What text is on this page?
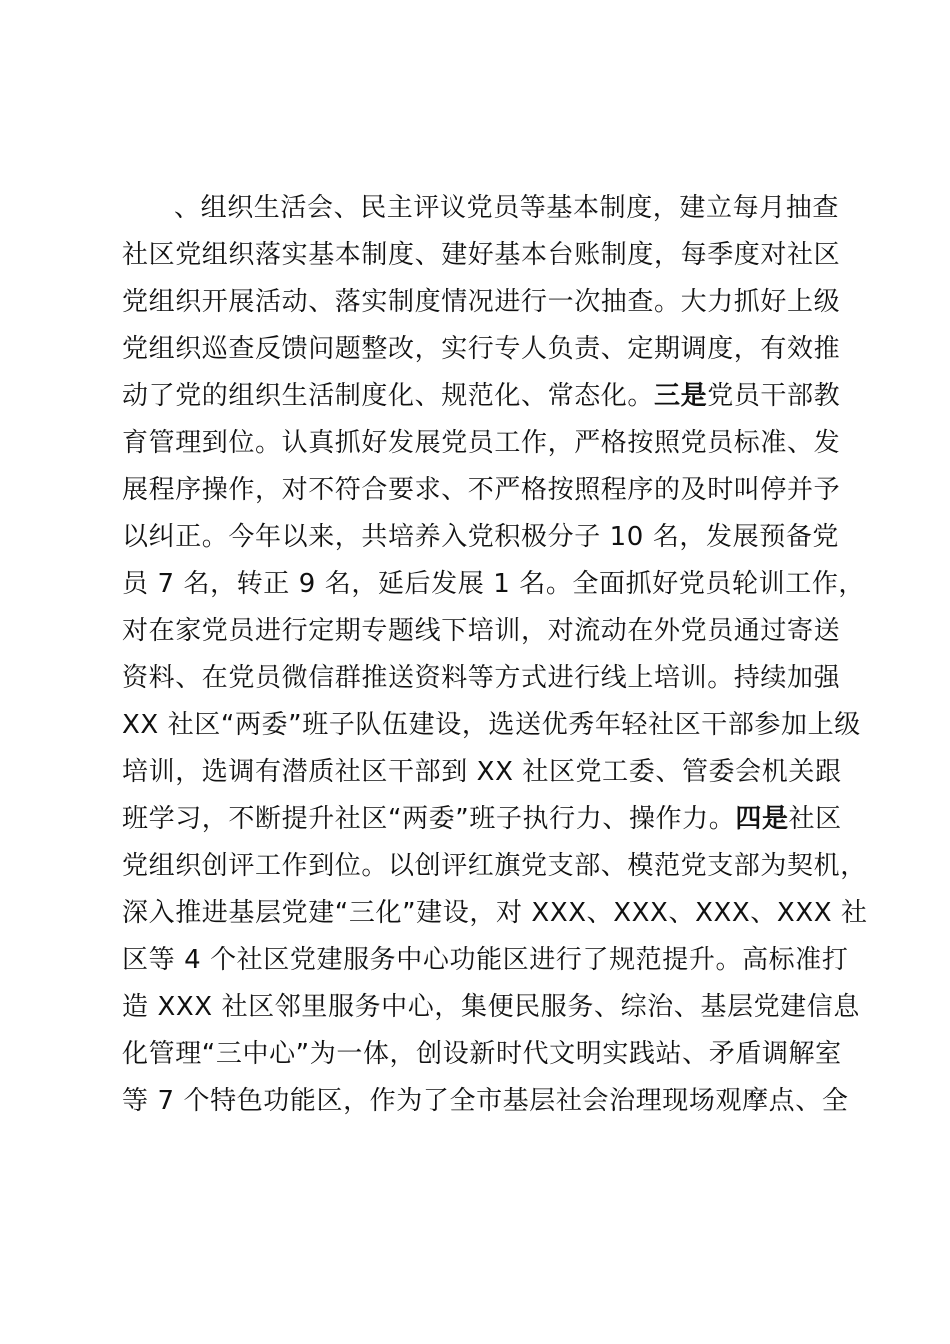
、组织生活会、民主评议党员等基本制度，建立每月抽查
社区党组织落实基本制度、建好基本台账制度，每季度对社区
党组织开展活动、落实制度情况进行一次抽查。大力抓好上级
党组织巡查反馈问题整改，实行专人负责、定期调度，有效推
动了党的组织生活制度化、规范化、常态化。三是党员干部教
育管理到位。认真抓好发展党员工作，严格按照党员标准、发
展程序操作，对不符合要求、不严格按照程序的及时叫停并予
以纠正。今年以来，共培养入党积极分子 10 名，发展预备党
员 7 名，转正 9 名，延后发展 1 名。全面抓好党员轮训工作，
对在家党员进行定期专题线下培训，对流动在外党员通过寄送
资料、在党员微信群推送资料等方式进行线上培训。持续加强
XX 社区“两委”班子队伍建设，选送优秀年轻社区干部参加上级
培训，选调有潜质社区干部到 XX 社区党工委、管委会机关跟
班学习，不断提升社区“两委”班子执行力、操作力。四是社区
党组织创评工作到位。以创评红旗党支部、模范党支部为契机，
深入推进基层党建“三化”建设，对 XXX、XXX、XXX、XXX 社
区等 4 个社区党建服务中心功能区进行了规范提升。高标准打
造 XXX 社区邻里服务中心，集便民服务、综治、基层党建信息
化管理“三中心”为一体，创设新时代文明实践站、矛盾调解室
等 7 个特色功能区，作为了全市基层社会治理现场观摩点、全
